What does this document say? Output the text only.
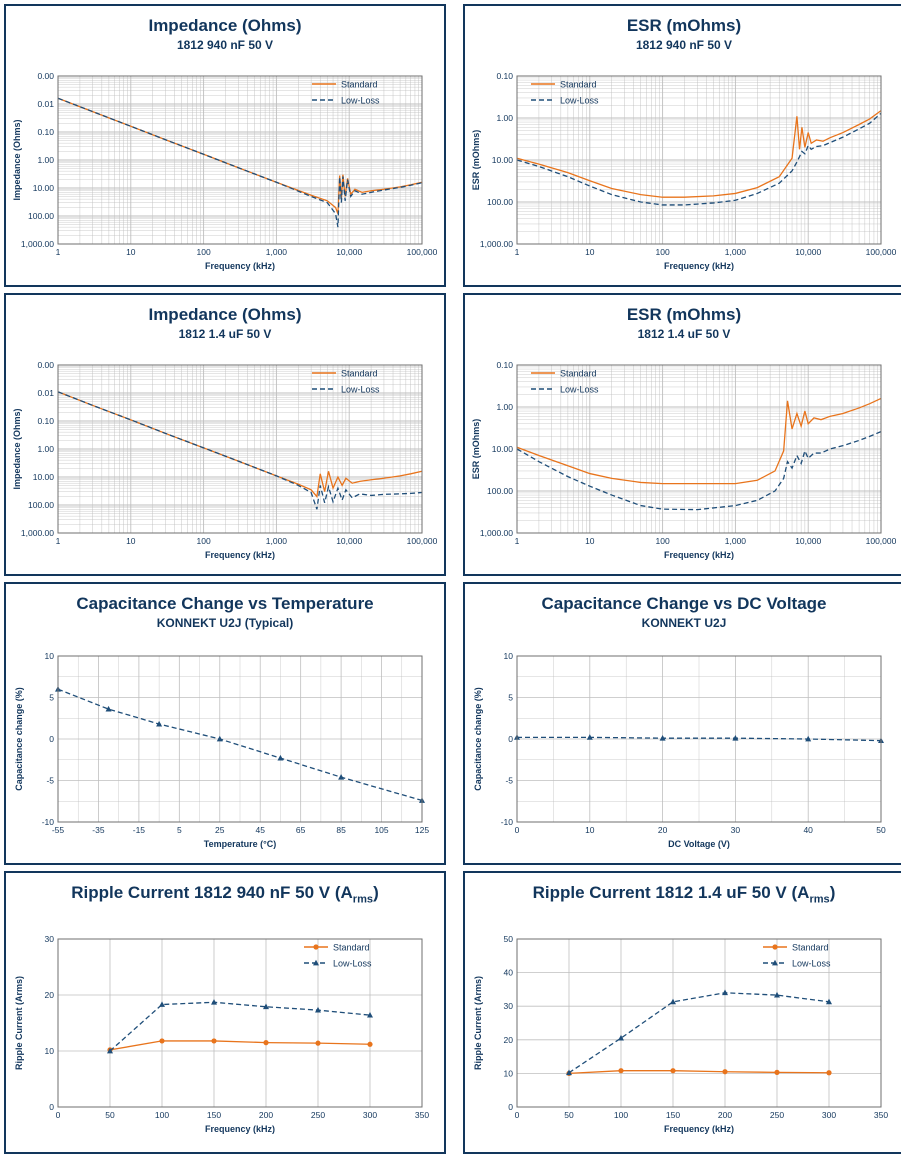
Impedance (Ohms)
1812 940 nF 50 V
1	10	100	1,000	10,000	100,000
0.00
0.01
0.10
1.00
10.00
100.00
1,000.00
Frequency (kHz)
Impedance (Ohms)
Standard
Low-Loss
ESR (mOhms)
1812 940 nF 50 V
1	10	100	1,000	10,000	100,000
0.10
1.00
10.00
100.00
1,000.00
Frequency (kHz)
ESR (mOhms)
Standard
Low-Loss
Impedance (Ohms)
1812 1.4 uF 50 V
1	10	100	1,000	10,000	100,000
0.00
0.01
0.10
1.00
10.00
100.00
1,000.00
Frequency (kHz)
Impedance (Ohms)
Standard
Low-Loss
ESR (mOhms)
1812 1.4 uF 50 V
1	10	100	1,000	10,000	100,000
0.10
1.00
10.00
100.00
1,000.00
Frequency (kHz)
ESR (mOhms)
Standard
Low-Loss
Capacitance Change vs Temperature
KONNEKT U2J (Typical)
-55	-35	-15	5	25	45	65	85	105	125
10
5
0
-5
-10
Temperature (°C)
Capacitance change (%)
Capacitance Change vs DC Voltage
KONNEKT U2J
0	10	20	30	40	50
10
5
0
-5
-10
DC Voltage (V)
Capacitance change (%)
Ripple Current 1812 940 nF 50 V $(A_{rms})$
0	50	100	150	200	250	300	350
30
20
10
0
Frequency (kHz)
Ripple Current (Arms)
Standard
Low-Loss
Ripple Current 1812 1.4 uF 50 V $(A_{rms})$
0	50	100	150	200	250	300	350
50
40
30
20
10
0
Frequency (kHz)
Ripple Current (Arms)
Standard
Low-Loss
